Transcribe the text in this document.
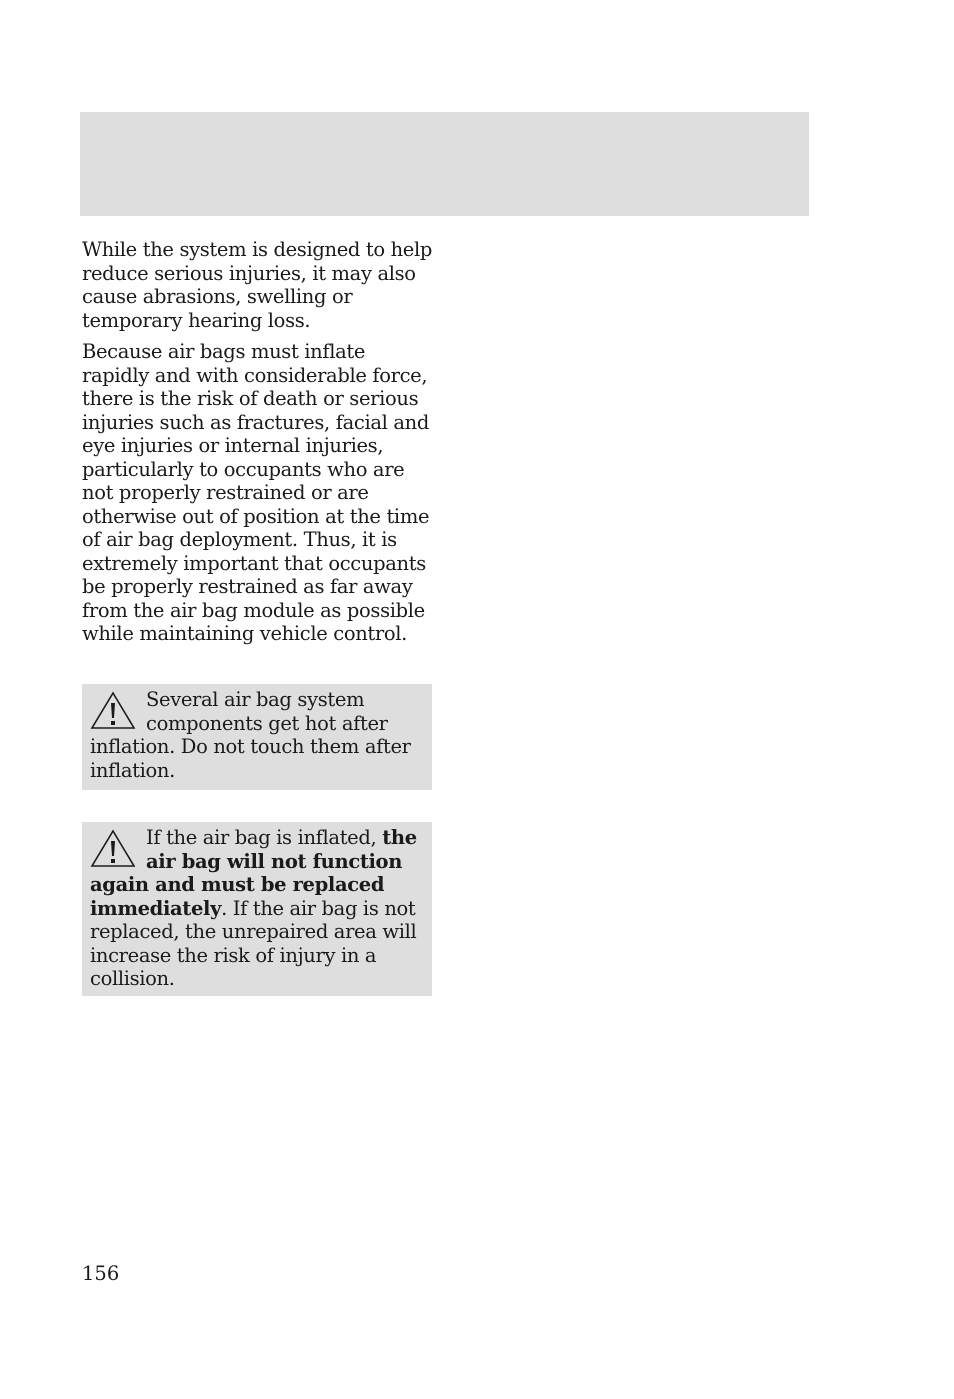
While the system is designed to help reduce serious injuries, it may also cause abrasions, swelling or temporary hearing loss.

Because air bags must inflate rapidly and with considerable force, there is the risk of death or serious injuries such as fractures, facial and eye injuries or internal injuries, particularly to occupants who are not properly restrained or are otherwise out of position at the time of air bag deployment. Thus, it is extremely important that occupants be properly restrained as far away from the air bag module as possible while maintaining vehicle control.

Several air bag system components get hot after inflation. Do not touch them after inflation.
If the air bag is inflated, the air bag will not function again and must be replaced immediately. If the air bag is not replaced, the unrepaired area will increase the risk of injury in a collision.
156
